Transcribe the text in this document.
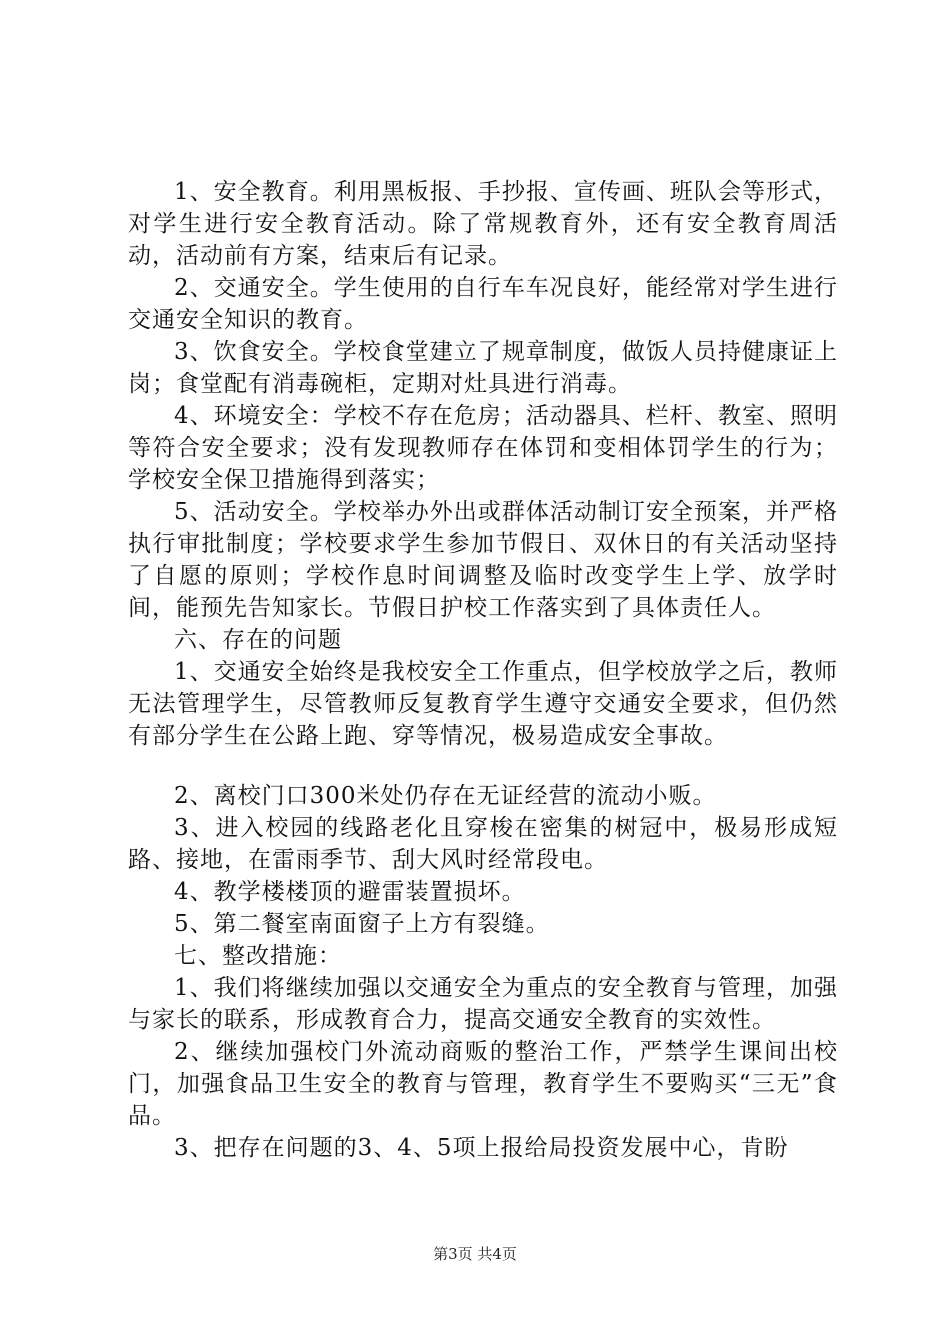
1、安全教育。利用黑板报、手抄报、宣传画、班队会等形式，对学生进行安全教育活动。除了常规教育外，还有安全教育周活动，活动前有方案，结束后有记录。

2、交通安全。学生使用的自行车车况良好，能经常对学生进行交通安全知识的教育。

3、饮食安全。学校食堂建立了规章制度，做饭人员持健康证上岗；食堂配有消毒碗柜，定期对灶具进行消毒。

4、环境安全：学校不存在危房；活动器具、栏杆、教室、照明等符合安全要求；没有发现教师存在体罚和变相体罚学生的行为；学校安全保卫措施得到落实；

5、活动安全。学校举办外出或群体活动制订安全预案，并严格执行审批制度；学校要求学生参加节假日、双休日的有关活动坚持了自愿的原则；学校作息时间调整及临时改变学生上学、放学时间，能预先告知家长。节假日护校工作落实到了具体责任人。

六、存在的问题

1、交通安全始终是我校安全工作重点，但学校放学之后，教师无法管理学生，尽管教师反复教育学生遵守交通安全要求，但仍然有部分学生在公路上跑、穿等情况，极易造成安全事故。

2、离校门口300米处仍存在无证经营的流动小贩。

3、进入校园的线路老化且穿梭在密集的树冠中，极易形成短路、接地，在雷雨季节、刮大风时经常段电。

4、教学楼楼顶的避雷装置损坏。

5、第二餐室南面窗子上方有裂缝。

七、整改措施：

1、我们将继续加强以交通安全为重点的安全教育与管理，加强与家长的联系，形成教育合力，提高交通安全教育的实效性。

2、继续加强校门外流动商贩的整治工作，严禁学生课间出校门，加强食品卫生安全的教育与管理，教育学生不要购买“三无”食品。

3、把存在问题的3、4、5项上报给局投资发展中心，肯盼

第3页 共4页
